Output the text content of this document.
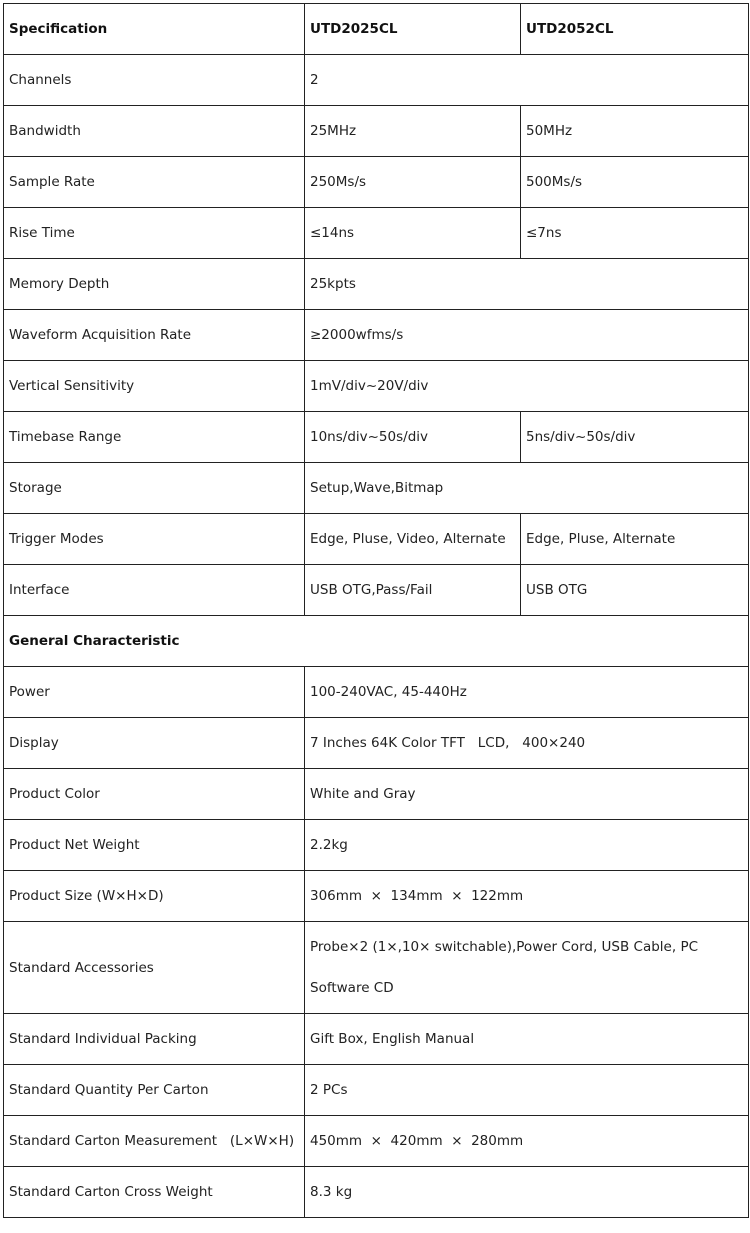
Specification	UTD2025CL	UTD2052CL
Channels	2	
Bandwidth	25MHz	50MHz
Sample Rate	250Ms/s	500Ms/s
Rise Time	≤14ns	≤7ns
Memory Depth	25kpts	
Waveform Acquisition Rate	≥2000wfms/s	
Vertical Sensitivity	1mV/div~20V/div	
Timebase Range	10ns/div~50s/div	5ns/div~50s/div
Storage	Setup,Wave,Bitmap	
Trigger Modes	Edge, Pluse, Video, Alternate	Edge, Pluse, Alternate
Interface	USB OTG,Pass/Fail	USB OTG
General Characteristic		
Power	100-240VAC, 45-440Hz	
Display	7 Inches 64K Color TFT   LCD,   400×240	
Product Color	White and Gray	
Product Net Weight	2.2kg	
Product Size (W×H×D)	306mm  ×  134mm  ×  122mm	
Standard Accessories	Probe×2 (1×,10× switchable),Power Cord, USB Cable, PC Software CD	
Standard Individual Packing	Gift Box, English Manual	
Standard Quantity Per Carton	2 PCs	
Standard Carton Measurement   (L×W×H)	450mm  ×  420mm  ×  280mm	
Standard Carton Cross Weight	8.3 kg	
